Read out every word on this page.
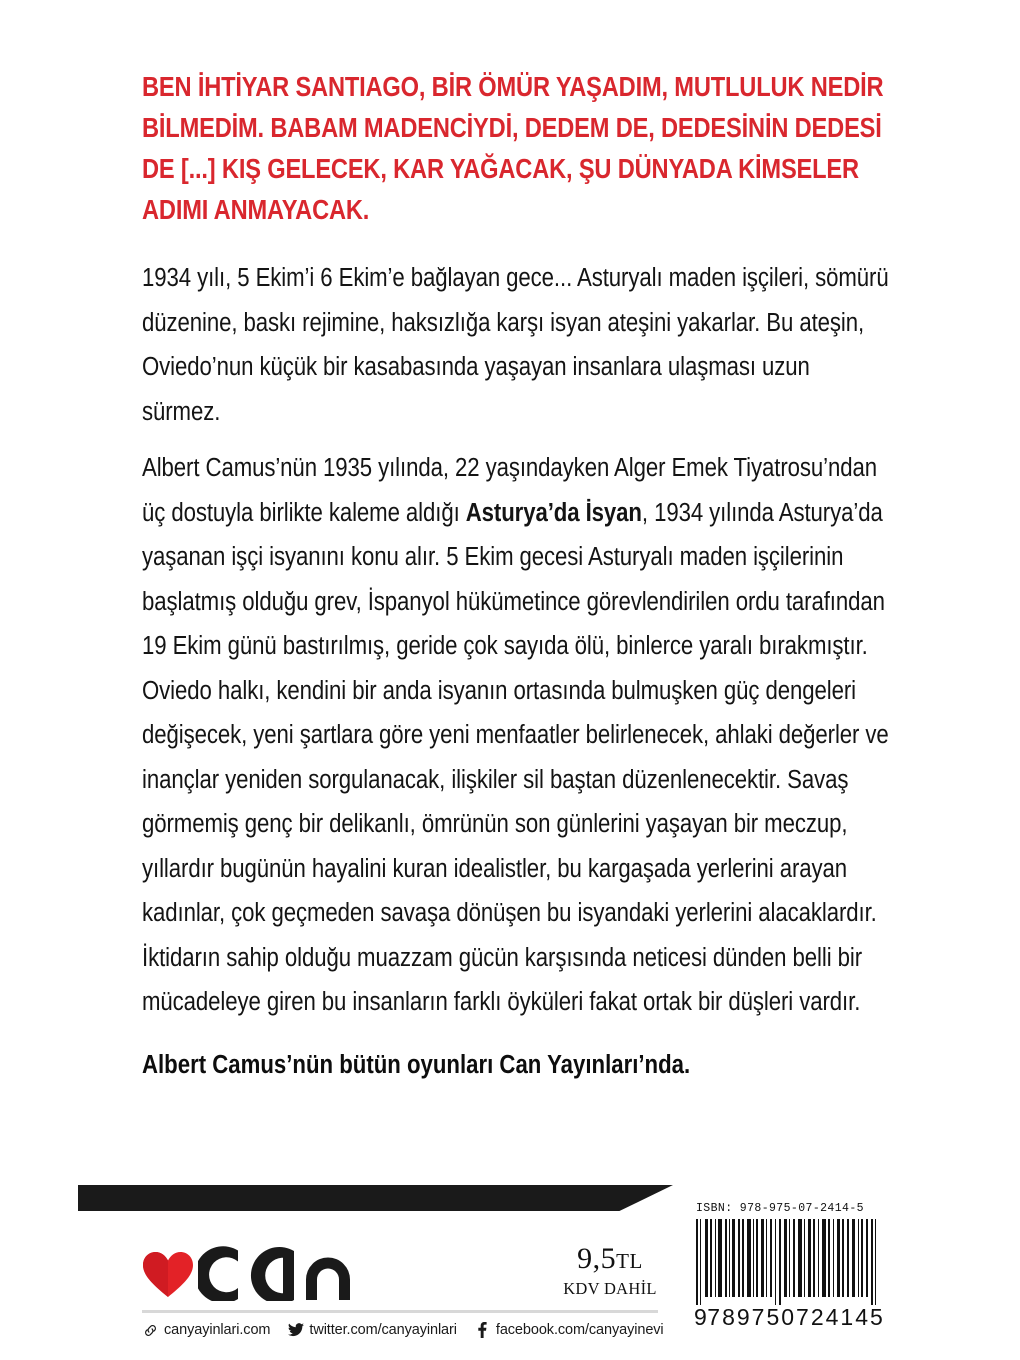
BEN İHTİYAR SANTIAGO, BİR ÖMÜR YAŞADIM, MUTLULUK NEDİR BİLMEDİM. BABAM MADENCİYDİ, DEDEM DE, DEDESİNİN DEDESİ DE [...] KIŞ GELECEK, KAR YAĞACAK, ŞU DÜNYADA KİMSELER ADIMI ANMAYACAK.

1934 yılı, 5 Ekim’i 6 Ekim’e bağlayan gece... Asturyalı maden işçileri, sömürü düzenine, baskı rejimine, haksızlığa karşı isyan ateşini yakarlar. Bu ateşin, Oviedo’nun küçük bir kasabasında yaşayan insanlara ulaşması uzun sürmez.

Albert Camus’nün 1935 yılında, 22 yaşındayken Alger Emek Tiyatrosu’ndan üç dostuyla birlikte kaleme aldığı Asturya’da İsyan, 1934 yılında Asturya’da yaşanan işçi isyanını konu alır. 5 Ekim gecesi Asturyalı maden işçilerinin başlatmış olduğu grev, İspanyol hükümetince görevlendirilen ordu tarafından 19 Ekim günü bastırılmış, geride çok sayıda ölü, binlerce yaralı bırakmıştır. Oviedo halkı, kendini bir anda isyanın ortasında bulmuşken güç dengeleri değişecek, yeni şartlara göre yeni menfaatler belirlenecek, ahlaki değerler ve inançlar yeniden sorgulanacak, ilişkiler sil baştan düzenlenecektir. Savaş görmemiş genç bir delikanlı, ömrünün son günlerini yaşayan bir meczup, yıllardır bugünün hayalini kuran idealistler, bu kargaşada yerlerini arayan kadınlar, çok geçmeden savaşa dönüşen bu isyandaki yerlerini alacaklardır. İktidarın sahip olduğu muazzam gücün karşısında neticesi dünden belli bir mücadeleye giren bu insanların farklı öyküleri fakat ortak bir düşleri vardır.

Albert Camus’nün bütün oyunları Can Yayınları’nda.

canyayinlari.com	twitter.com/canyayinlari	facebook.com/canyayinevi
9,5TL
KDV DAHİL
ISBN: 978-975-07-2414-5
9 789750 724145
